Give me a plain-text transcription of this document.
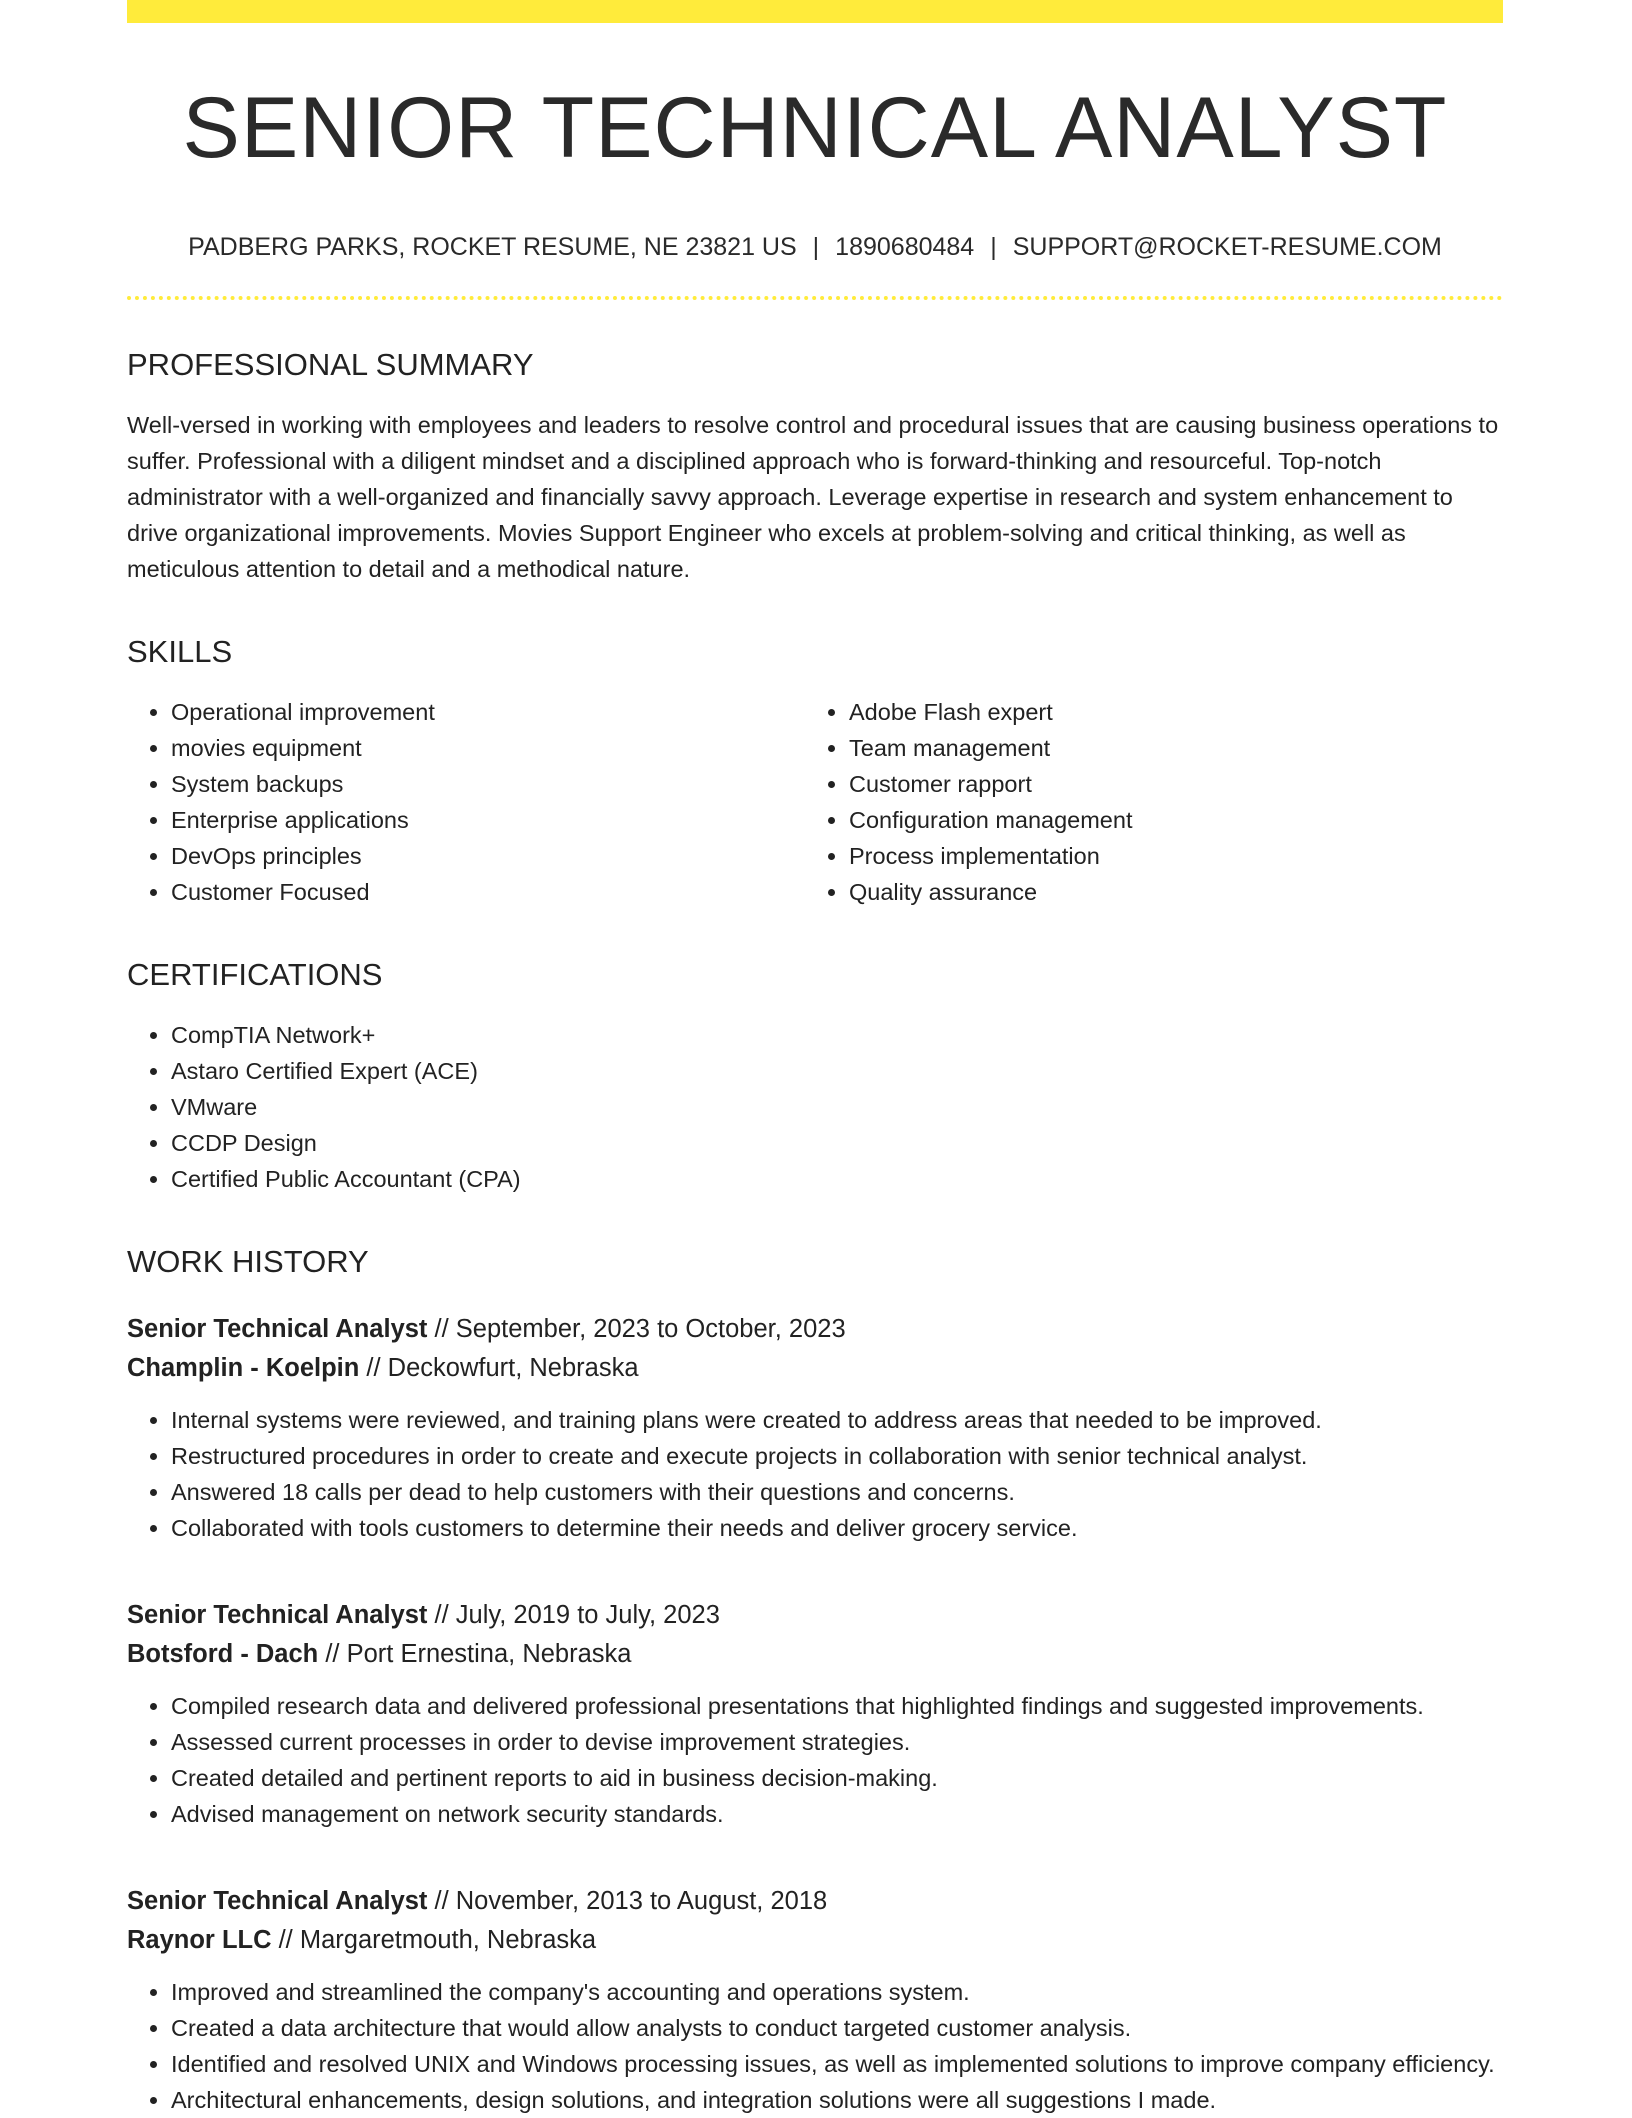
SENIOR TECHNICAL ANALYST
PADBERG PARKS, ROCKET RESUME, NE 23821 US | 1890680484 | SUPPORT@ROCKET-RESUME.COM
PROFESSIONAL SUMMARY

Well-versed in working with employees and leaders to resolve control and procedural issues that are causing business operations to suffer. Professional with a diligent mindset and a disciplined approach who is forward-thinking and resourceful. Top-notch administrator with a well-organized and financially savvy approach. Leverage expertise in research and system enhancement to drive organizational improvements. Movies Support Engineer who excels at problem-solving and critical thinking, as well as meticulous attention to detail and a methodical nature.

SKILLS
• Operational improvement
• movies equipment
• System backups
• Enterprise applications
• DevOps principles
• Customer Focused
• Adobe Flash expert
• Team management
• Customer rapport
• Configuration management
• Process implementation
• Quality assurance
CERTIFICATIONS
• CompTIA Network+
• Astaro Certified Expert (ACE)
• VMware
• CCDP Design
• Certified Public Accountant (CPA)
WORK HISTORY
Senior Technical Analyst // September, 2023 to October, 2023
Champlin - Koelpin // Deckowfurt, Nebraska
• Internal systems were reviewed, and training plans were created to address areas that needed to be improved.
• Restructured procedures in order to create and execute projects in collaboration with senior technical analyst.
• Answered 18 calls per dead to help customers with their questions and concerns.
• Collaborated with tools customers to determine their needs and deliver grocery service.
Senior Technical Analyst // July, 2019 to July, 2023
Botsford - Dach // Port Ernestina, Nebraska
• Compiled research data and delivered professional presentations that highlighted findings and suggested improvements.
• Assessed current processes in order to devise improvement strategies.
• Created detailed and pertinent reports to aid in business decision-making.
• Advised management on network security standards.
Senior Technical Analyst // November, 2013 to August, 2018
Raynor LLC // Margaretmouth, Nebraska
• Improved and streamlined the company's accounting and operations system.
• Created a data architecture that would allow analysts to conduct targeted customer analysis.
• Identified and resolved UNIX and Windows processing issues, as well as implemented solutions to improve company efficiency.
• Architectural enhancements, design solutions, and integration solutions were all suggestions I made.
